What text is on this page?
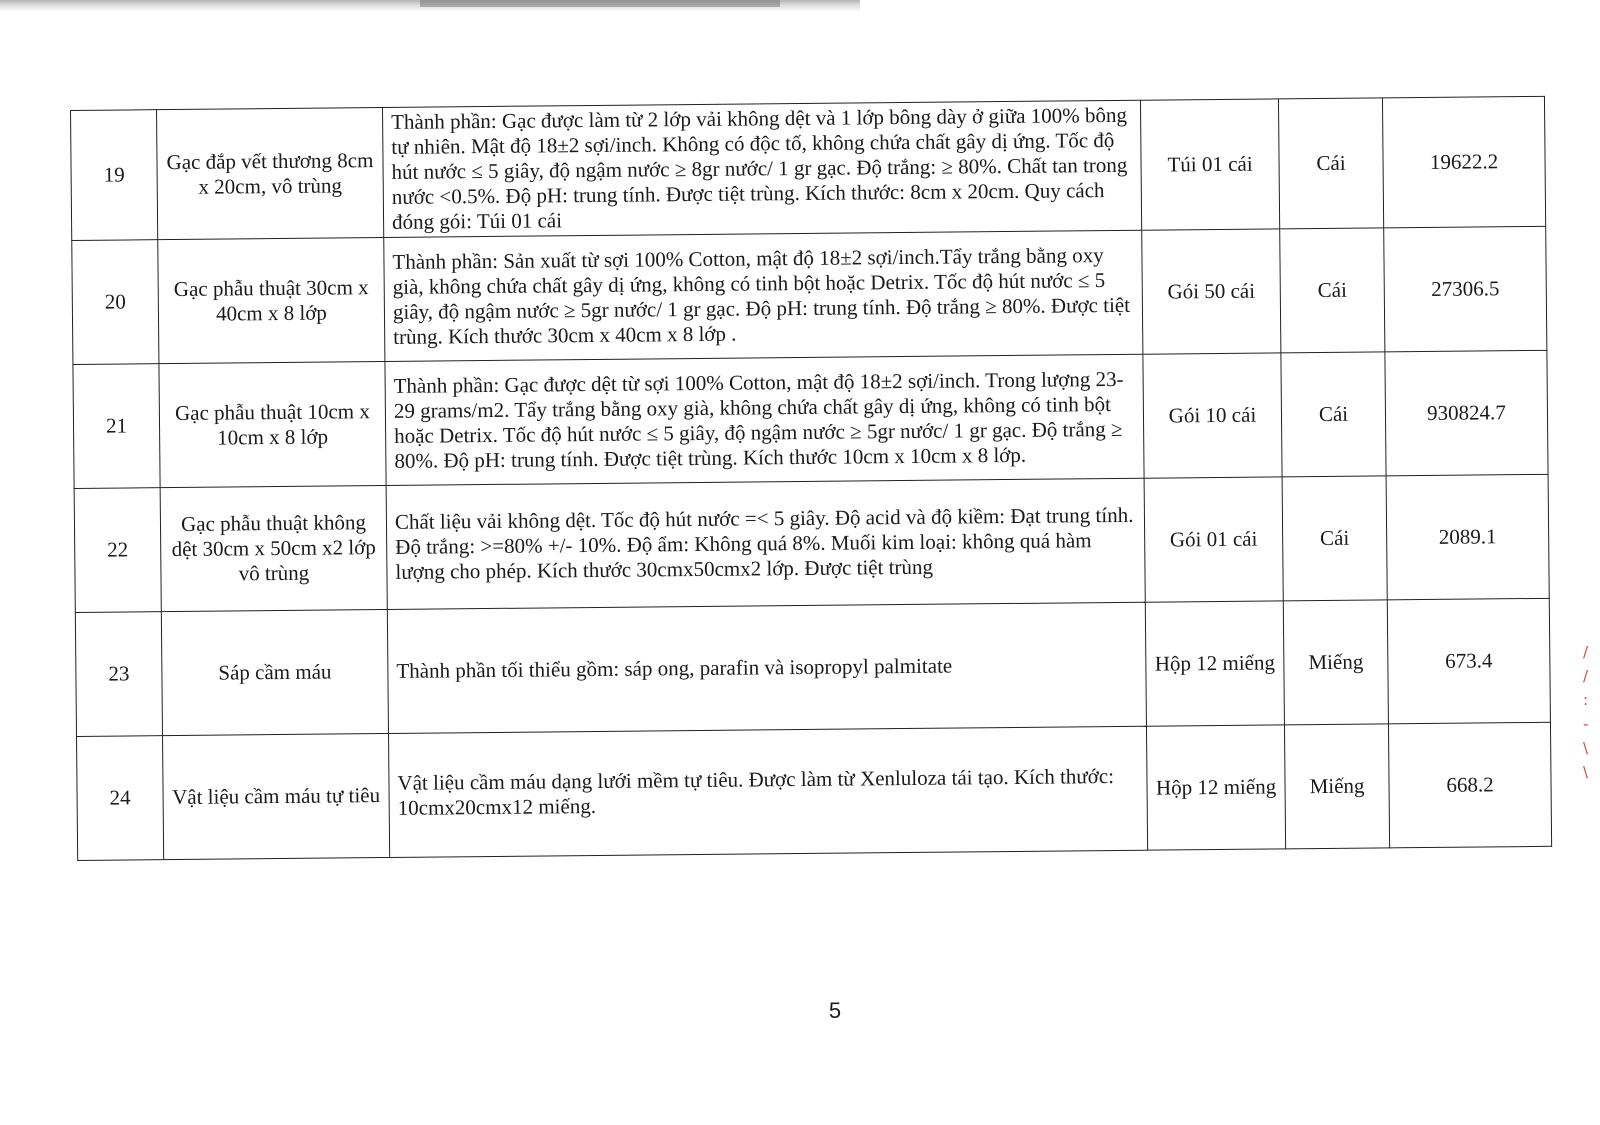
19	Gạc đắp vết thương 8cm x 20cm, vô trùng	Thành phần: Gạc được làm từ 2 lớp vải không dệt và 1 lớp bông dày ở giữa 100% bông tự nhiên. Mật độ 18±2 sợi/inch. Không có độc tố, không chứa chất gây dị ứng. Tốc độ hút nước ≤ 5 giây, độ ngậm nước ≥ 8gr nước/ 1 gr gạc. Độ trắng: ≥ 80%. Chất tan trong nước <0.5%. Độ pH: trung tính. Được tiệt trùng. Kích thước: 8cm x 20cm. Quy cách đóng gói: Túi 01 cái	Túi 01 cái	Cái	19622.2
20	Gạc phẫu thuật 30cm x 40cm x 8 lớp	Thành phần: Sản xuất từ sợi 100% Cotton, mật độ 18±2 sợi/inch.Tẩy trắng bằng oxy già, không chứa chất gây dị ứng, không có tinh bột hoặc Detrix. Tốc độ hút nước ≤ 5 giây, độ ngậm nước ≥ 5gr nước/ 1 gr gạc. Độ pH: trung tính. Độ trắng ≥ 80%. Được tiệt trùng. Kích thước 30cm x 40cm x 8 lớp .	Gói 50 cái	Cái	27306.5
21	Gạc phẫu thuật 10cm x 10cm x 8 lớp	Thành phần: Gạc được dệt từ sợi 100% Cotton, mật độ 18±2 sợi/inch. Trong lượng 23- 29 grams/m2. Tẩy trắng bằng oxy già, không chứa chất gây dị ứng, không có tinh bột hoặc Detrix. Tốc độ hút nước ≤ 5 giây, độ ngậm nước ≥ 5gr nước/ 1 gr gạc. Độ trắng ≥ 80%. Độ pH: trung tính. Được tiệt trùng. Kích thước 10cm x 10cm x 8 lớp.	Gói 10 cái	Cái	930824.7
22	Gạc phẫu thuật không dệt 30cm x 50cm x2 lớp vô trùng	Chất liệu vải không dệt. Tốc độ hút nước =< 5 giây. Độ acid và độ kiềm: Đạt trung tính. Độ trắng: >=80% +/- 10%. Độ ẩm: Không quá 8%. Muối kim loại: không quá hàm lượng cho phép. Kích thước 30cmx50cmx2 lớp. Được tiệt trùng	Gói 01 cái	Cái	2089.1
23	Sáp cầm máu	Thành phần tối thiểu gồm: sáp ong, parafin và isopropyl palmitate	Hộp 12 miếng	Miếng	673.4
24	Vật liệu cầm máu tự tiêu	Vật liệu cầm máu dạng lưới mềm tự tiêu. Được làm từ Xenluloza tái tạo. Kích thước: 10cmx20cmx12 miếng.	Hộp 12 miếng	Miếng	668.2
5
/
/
:
-
\
\
